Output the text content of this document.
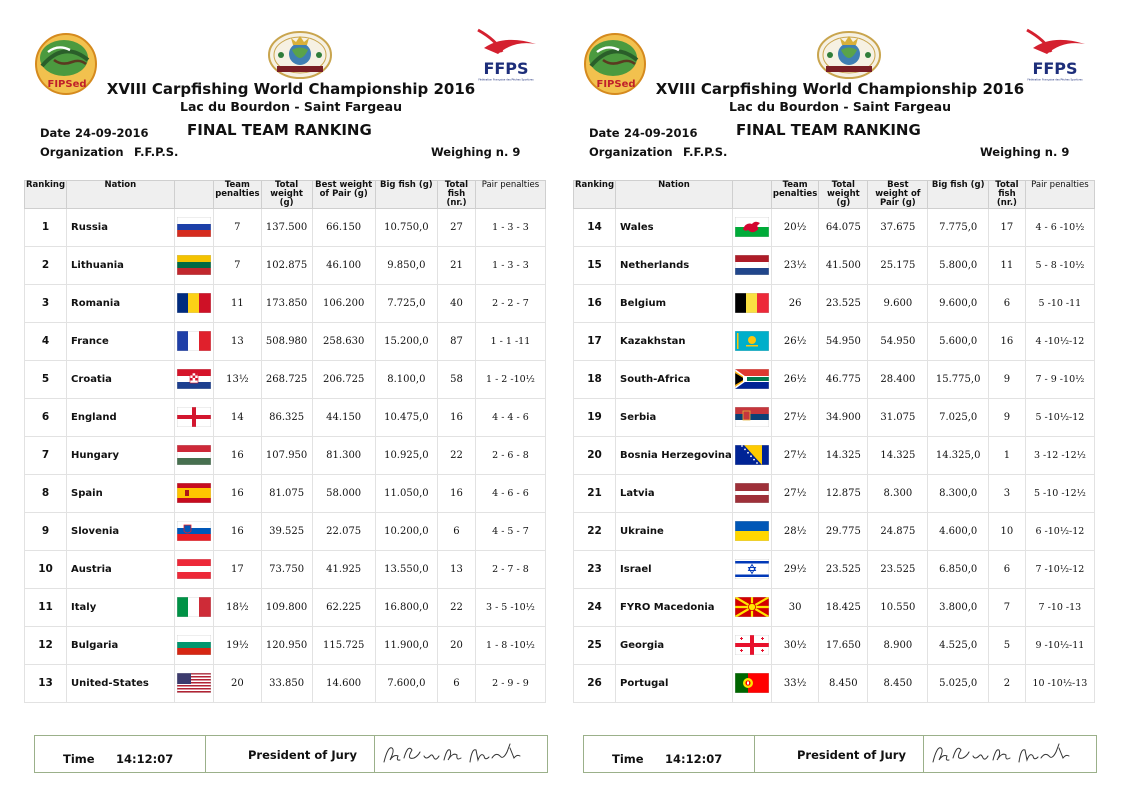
FIPSed
FFPS
Fédération Française des Pêches Sportives
XVIII Carpfishing World Championship 2016
Lac du Bourdon - Saint Fargeau
Date 24-09-2016	FINAL TEAM RANKING
Organization F.F.P.S.	Weighing n. 9
Ranking	Nation		Team penalties	Total weight (g)	Best weight of Pair (g)	Big fish (g)	Total fish (nr.)	Pair penalties
1	Russia		7	137.500	66.150	10.750,0	27	1 - 3 - 3
2	Lithuania		7	102.875	46.100	9.850,0	21	1 - 3 - 3
3	Romania		11	173.850	106.200	7.725,0	40	2 - 2 - 7
4	France		13	508.980	258.630	15.200,0	87	1 - 1 -11
5	Croatia		13½	268.725	206.725	8.100,0	58	1 - 2 -10½
6	England		14	86.325	44.150	10.475,0	16	4 - 4 - 6
7	Hungary		16	107.950	81.300	10.925,0	22	2 - 6 - 8
8	Spain		16	81.075	58.000	11.050,0	16	4 - 6 - 6
9	Slovenia		16	39.525	22.075	10.200,0	6	4 - 5 - 7
10	Austria		17	73.750	41.925	13.550,0	13	2 - 7 - 8
11	Italy		18½	109.800	62.225	16.800,0	22	3 - 5 -10½
12	Bulgaria		19½	120.950	115.725	11.900,0	20	1 - 8 -10½
13	United-States		20	33.850	14.600	7.600,0	6	2 - 9 - 9
Time 14:12:07	President of Jury
FIPSed
FFPS
Fédération Française des Pêches Sportives
XVIII Carpfishing World Championship 2016
Lac du Bourdon - Saint Fargeau
Date 24-09-2016	FINAL TEAM RANKING
Organization F.F.P.S.	Weighing n. 9
Ranking	Nation		Team penalties	Total weight (g)	Best weight of Pair (g)	Big fish (g)	Total fish (nr.)	Pair penalties
14	Wales		20½	64.075	37.675	7.775,0	17	4 - 6 -10½
15	Netherlands		23½	41.500	25.175	5.800,0	11	5 - 8 -10½
16	Belgium		26	23.525	9.600	9.600,0	6	5 -10 -11
17	Kazakhstan		26½	54.950	54.950	5.600,0	16	4 -10½-12
18	South-Africa		26½	46.775	28.400	15.775,0	9	7 - 9 -10½
19	Serbia		27½	34.900	31.075	7.025,0	9	5 -10½-12
20	Bosnia Herzegovina		27½	14.325	14.325	14.325,0	1	3 -12 -12½
21	Latvia		27½	12.875	8.300	8.300,0	3	5 -10 -12½
22	Ukraine		28½	29.775	24.875	4.600,0	10	6 -10½-12
23	Israel		29½	23.525	23.525	6.850,0	6	7 -10½-12
24	FYRO Macedonia		30	18.425	10.550	3.800,0	7	7 -10 -13
25	Georgia		30½	17.650	8.900	4.525,0	5	9 -10½-11
26	Portugal		33½	8.450	8.450	5.025,0	2	10 -10½-13
Time 14:12:07	President of Jury
